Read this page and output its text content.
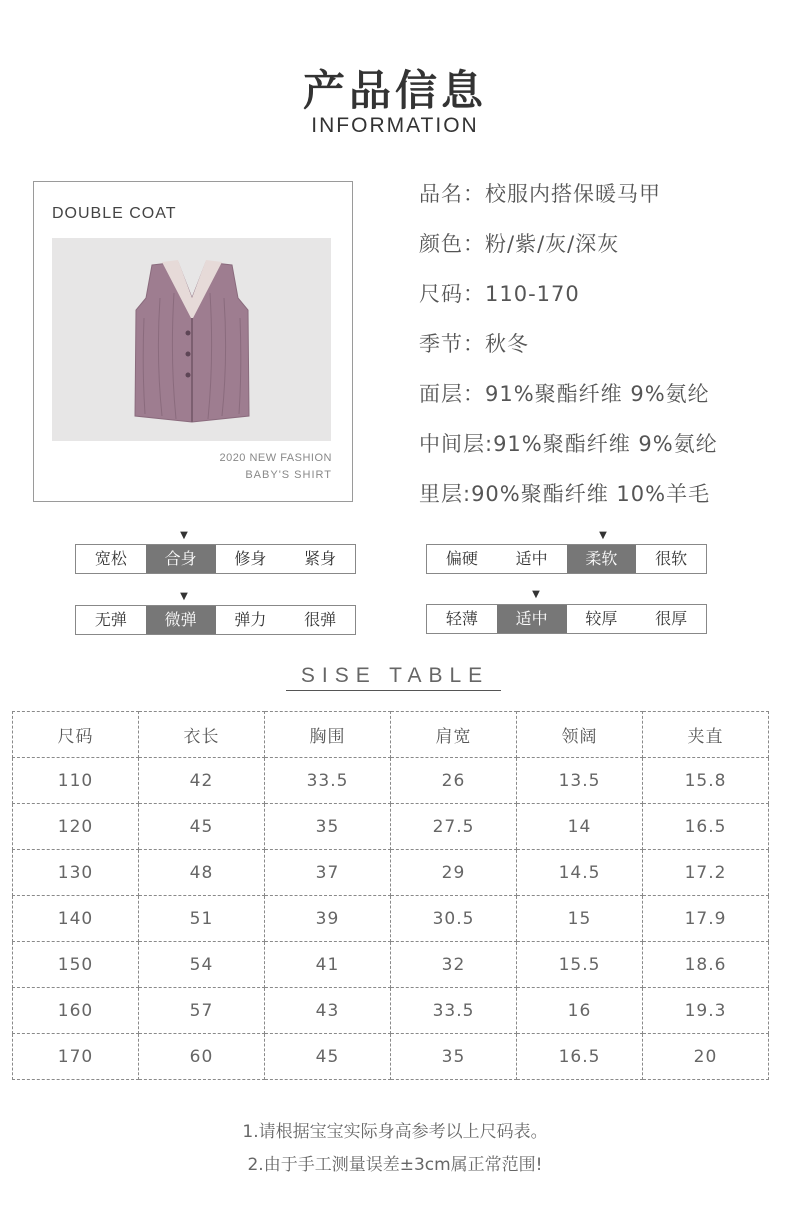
产品信息
INFORMATION
DOUBLE COAT
2020 NEW FASHION
BABY'S SHIRT
品名：校服内搭保暖马甲
颜色：粉/紫/灰/深灰
尺码：110-170
季节：秋冬
面层：91%聚酯纤维 9%氨纶
中间层:91%聚酯纤维 9%氨纶
里层:90%聚酯纤维 10%羊毛
▼
宽松	合身	修身	紧身
▼
偏硬	适中	柔软	很软
▼
无弹	微弹	弹力	很弹
▼
轻薄	适中	较厚	很厚
SISE TABLE
尺码	衣长	胸围	肩宽	领阔	夹直
110	42	33.5	26	13.5	15.8
120	45	35	27.5	14	16.5
130	48	37	29	14.5	17.2
140	51	39	30.5	15	17.9
150	54	41	32	15.5	18.6
160	57	43	33.5	16	19.3
170	60	45	35	16.5	20
1.请根据宝宝实际身高参考以上尺码表。
2.由于手工测量误差±3cm属正常范围!
